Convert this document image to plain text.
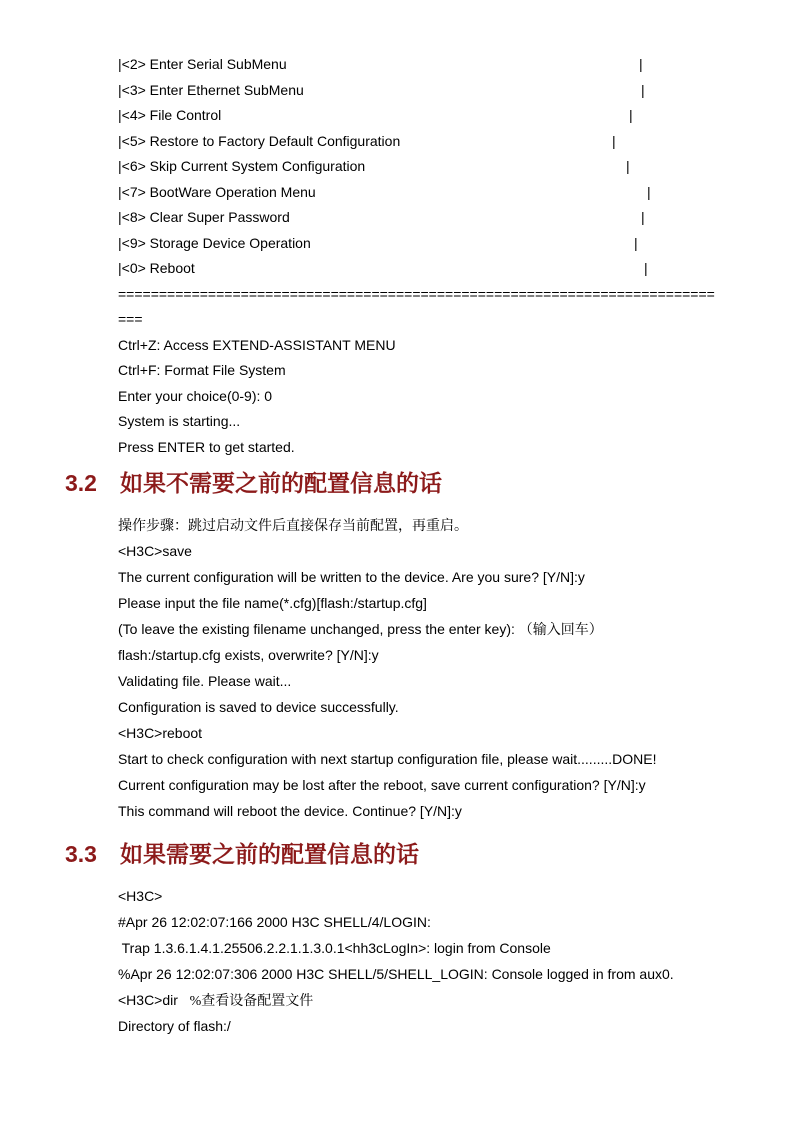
|<2> Enter Serial SubMenu	|
|<3> Enter Ethernet SubMenu	|
|<4> File Control	|
|<5> Restore to Factory Default Configuration	|
|<6> Skip Current System Configuration	|
|<7> BootWare Operation Menu	|
|<8> Clear Super Password	|
|<9> Storage Device Operation	|
|<0> Reboot	|
=========================================================================
===
Ctrl+Z: Access EXTEND-ASSISTANT MENU
Ctrl+F: Format File System
Enter your choice(0-9): 0
System is starting...
Press ENTER to get started.
3.2 如果不需要之前的配置信息的话
操作步骤：跳过启动文件后直接保存当前配置，再重启。
<H3C>save
The current configuration will be written to the device. Are you sure? [Y/N]:y
Please input the file name(*.cfg)[flash:/startup.cfg]
(To leave the existing filename unchanged, press the enter key): （输入回车）
flash:/startup.cfg exists, overwrite? [Y/N]:y
Validating file. Please wait...
Configuration is saved to device successfully.
<H3C>reboot
Start to check configuration with next startup configuration file, please wait.........DONE!
Current configuration may be lost after the reboot, save current configuration? [Y/N]:y
This command will reboot the device. Continue? [Y/N]:y
3.3 如果需要之前的配置信息的话
<H3C>
#Apr 26 12:02:07:166 2000 H3C SHELL/4/LOGIN:
Trap 1.3.6.1.4.1.25506.2.2.1.1.3.0.1<hh3cLogIn>: login from Console
%Apr 26 12:02:07:306 2000 H3C SHELL/5/SHELL_LOGIN: Console logged in from aux0.
<H3C>dir   %查看设备配置文件
Directory of flash:/
